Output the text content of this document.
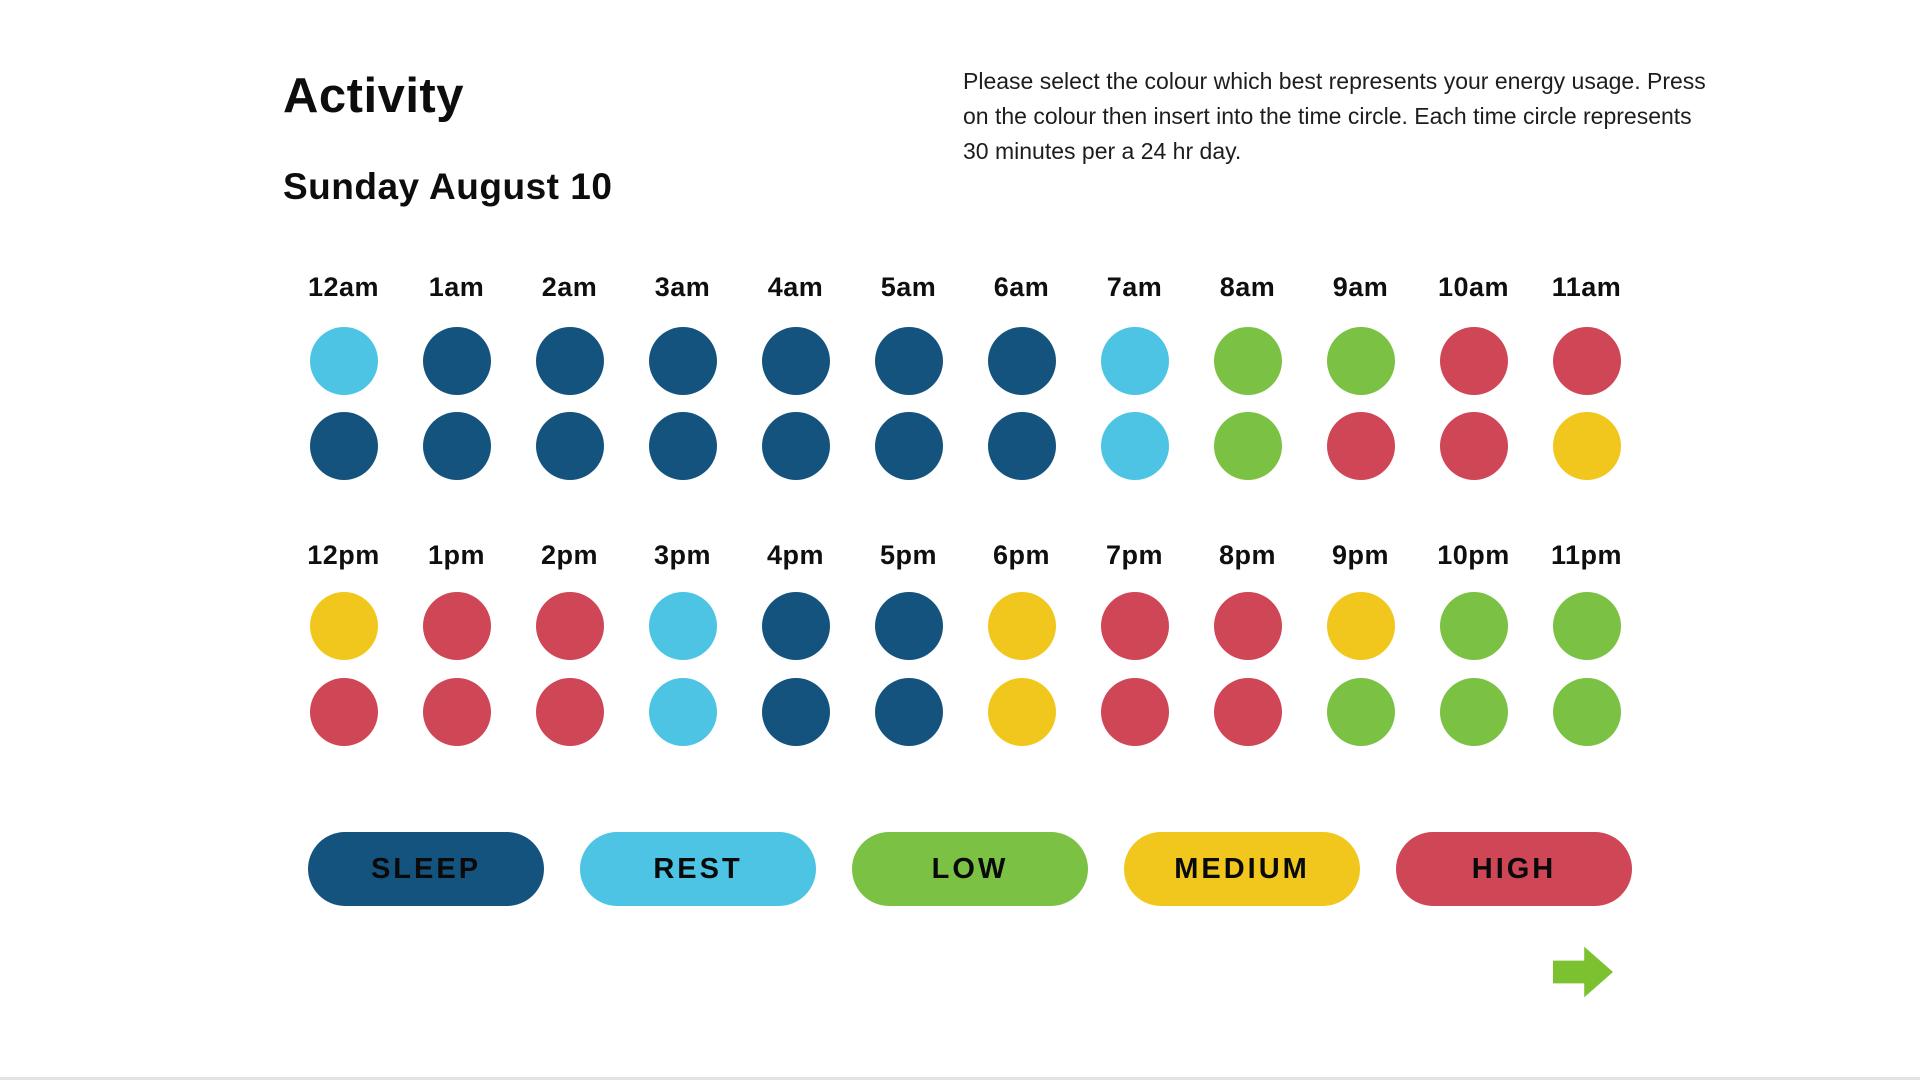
Activity
Sunday August 10

Please select the colour which best represents your energy usage. Press on the colour then insert into the time circle. Each time circle represents 30 minutes per a 24 hr day.

12am	1am	2am	3am	4am	5am	6am	7am	8am	9am	10am	11am
12pm	1pm	2pm	3pm	4pm	5pm	6pm	7pm	8pm	9pm	10pm	11pm
SLEEP	REST	LOW	MEDIUM	HIGH
